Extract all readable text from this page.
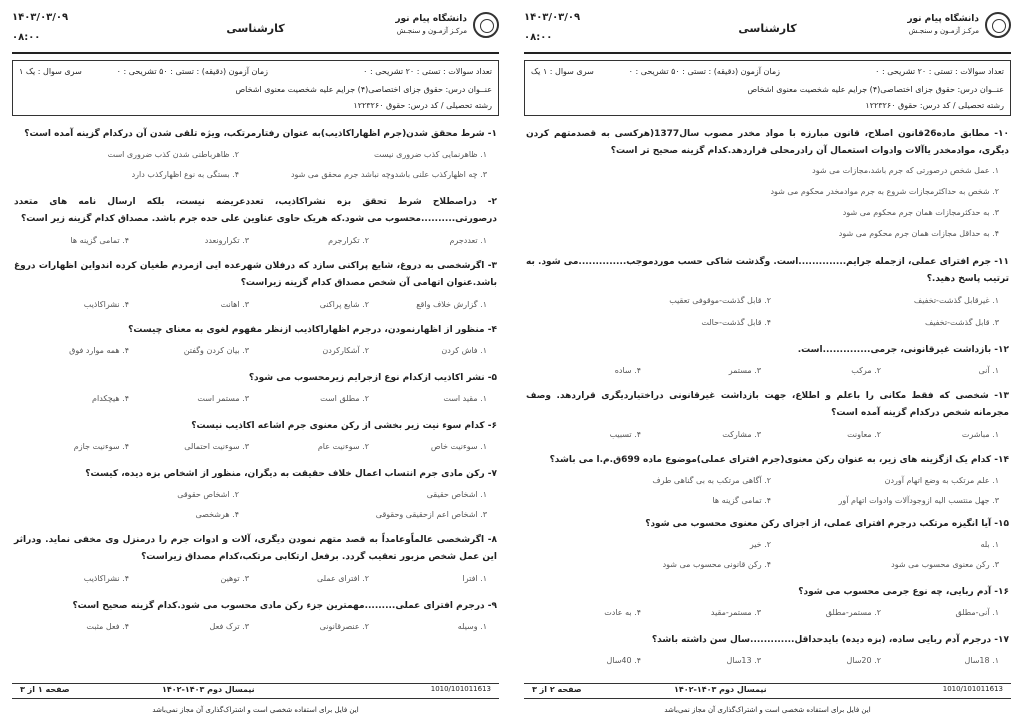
۱۴۰۳/۰۳/۰۹
۰۸:۰۰
کارشناسی
دانشگاه پیام نور
مرکـز آزمـون و سنجـش
تعداد سوالات : تستی : ۲۰ تشریحی : ۰
زمان آزمون (دقیقه) : تستی : ۵۰ تشریحی : ۰
سری سوال : یک ۱
عنــوان درس: حقوق جزای اختصاصی(۴) جرایم علیه شخصیت معنوی اشخاص
رشته تحصیلی / کد درس: حقوق ۱۲۲۳۲۶۰
۱- شرط محقق شدن(جرم اظهاراکاذیب)به عنوان رفتارمرتکب، ویژه تلقی شدن آن درکدام گزینه آمده است؟
۱. ظاهرنمایی کذب ضروری نیست
۲. ظاهرباطنی شدن کذب ضروری است
۳. چه اظهارکذب علنی باشدوچه نباشد جرم محقق می شود
۴. بستگی به نوع اظهارکذب دارد
۲- دراصطلاح شرط تحقق بزه نشراکاذیب، تعددعریضه نیست، بلکه ارسال نامه های متعدد درصورتی..........محسوب می شود.که هریک حاوی عناوین علی حده جرم باشد. مصداق کدام گزینه زیر است؟
۱. تعددجرم
۲. تکرارجرم
۳. تکرارونعدد
۴. تمامی گزینه ها
۳- اگرشخصی به دروغ، شایع پراکنی سازد که درفلان شهرعده ایی ازمردم طغیان کرده اندواین اظهارات دروغ باشد.عنوان اتهامی آن شخص مصداق کدام گزینه زیراست؟
۱. گزارش خلاف واقع
۲. شایع پراکنی
۳. اهانت
۴. نشراکاذیب
۴- منظور از اظهارنمودن، درجرم اظهاراکاذیب ازنظر مفهوم لغوی به معنای چیست؟
۱. فاش کردن
۲. آشکارکردن
۳. بیان کردن وگفتن
۴. همه موارد فوق
۵- نشر اکاذیب ازکدام نوع ازجرایم زیرمحسوب می شود؟
۱. مقید است
۲. مطلق است
۳. مستمر است
۴. هیچکدام
۶- کدام سوء نیت زیر بخشی از رکن معنوی جرم اشاعه اکاذیب نیست؟
۱. سوءنیت خاص
۲. سوءنیت عام
۳. سوءنیت احتمالی
۴. سوءنیت جازم
۷- رکن مادی جرم انتساب اعمال خلاف حقیقت به دیگران، منظور از اشخاص بزه دیده، کیست؟
۱. اشخاص حقیقی
۲. اشخاص حقوقی
۳. اشخاص اعم ازحقیقی وحقوقی
۴. هرشخصی
۸- اگرشخصی عالماًوعامداً به قصد متهم نمودن دیگری، آلات و ادوات جرم را درمنزل وی مخفی نماید. ودراثر این عمل شخص مزبور تعقیب گردد. برفعل ارتکابی مرتکب،کدام مصداق زیراست؟
۱. افترا
۲. افترای عملی
۳. توهین
۴. نشراکاذیب
۹- درجرم افترای عملی.........مهمترین جزء رکن مادی محسوب می شود.کدام گزینه صحیح است؟
۱. وسیله
۲. عنصرقانونی
۳. ترک فعل
۴. فعل مثبت
صفحه ۱ از ۳	نیمسال دوم ۱۴۰۳-۱۴۰۲	1010/101011613
این فایل برای استفاده شخصی است و اشتراک‌گذاری آن مجاز نمی‌باشد
۱۴۰۳/۰۳/۰۹
۰۸:۰۰
کارشناسی
دانشگاه پیام نور
مرکـز آزمـون و سنجـش
تعداد سوالات : تستی : ۲۰ تشریحی : ۰
زمان آزمون (دقیقه) : تستی : ۵۰ تشریحی : ۰
سری سوال : ۱ یک
عنــوان درس: حقوق جزای اختصاصی(۴) جرایم علیه شخصیت معنوی اشخاص
رشته تحصیلی / کد درس: حقوق ۱۲۲۳۲۶۰
۱۰- مطابق ماده26قانون اصلاح، قانون مبارزه با مواد مخدر مصوب سال1377(هرکسی به قصدمتهم کردن دیگری، موادمخدر یاآلات وادوات استعمال آن رادرمحلی قراردهد.کدام گزینه صحیح تر است؟
۱. عمل شخص درصورتی که جرم باشد،مجازات می شود
۲. شخص به حداکثرمجازات شروع به جرم موادمخدر محکوم می شود
۳. به حدکثرمجازات همان جرم محکوم می شود
۴. به حداقل مجازات همان جرم محکوم می شود
۱۱- جرم افترای عملی، ازجمله جرایم..............است. وگذشت شاکی حسب موردموجب..............می شود. به ترتیب پاسخ دهید.؟
۱. غیرقابل گذشت-تخفیف
۲. قابل گذشت-موقوفی تعقیب
۳. قابل گذشت-تخفیف
۴. قابل گذشت-حالت
۱۲- بازداشت غیرقانونی، جرمی..............است.
۱. آنی
۲. مرکب
۳. مستمر
۴. ساده
۱۳- شخصی که فقط مکانی را باعلم و اطلاع، جهت بازداشت غیرقانونی دراختیاردیگری قراردهد. وصف مجرمانه شخص درکدام گزینه آمده است؟
۱. مباشرت
۲. معاونت
۳. مشارکت
۴. تسبیب
۱۴- کدام یک ازگزینه های زیر، به عنوان رکن معنوی(جرم افترای عملی)موضوع ماده 699ق.م.ا می باشد؟
۱. علم مرتکب به وضع اتهام آوردن
۲. آگاهی مرتکب به بی گناهی طرف
۳. جهل منتسب الیه ازوجودآلات وادوات اتهام آور
۴. تمامی گزینه ها
۱۵- آیا انگیزه مرتکب درجرم افترای عملی، از اجزای رکن معنوی محسوب می شود؟
۱. بله
۲. خیر
۳. رکن معنوی محسوب می شود
۴. رکن قانونی محسوب می شود
۱۶- آدم ربایی، چه نوع جرمی محسوب می شود؟
۱. آنی-مطلق
۲. مستمر-مطلق
۳. مستمر-مقید
۴. به عادت
۱۷- درجرم آدم ربایی ساده، (بزه دیده) بایدحداقل.............سال سن داشته باشد؟
۱. 18سال
۲. 20سال
۳. 13سال
۴. 40سال
صفحه ۲ از ۳	نیمسال دوم ۱۴۰۳-۱۴۰۲	1010/101011613
این فایل برای استفاده شخصی است و اشتراک‌گذاری آن مجاز نمی‌باشد
